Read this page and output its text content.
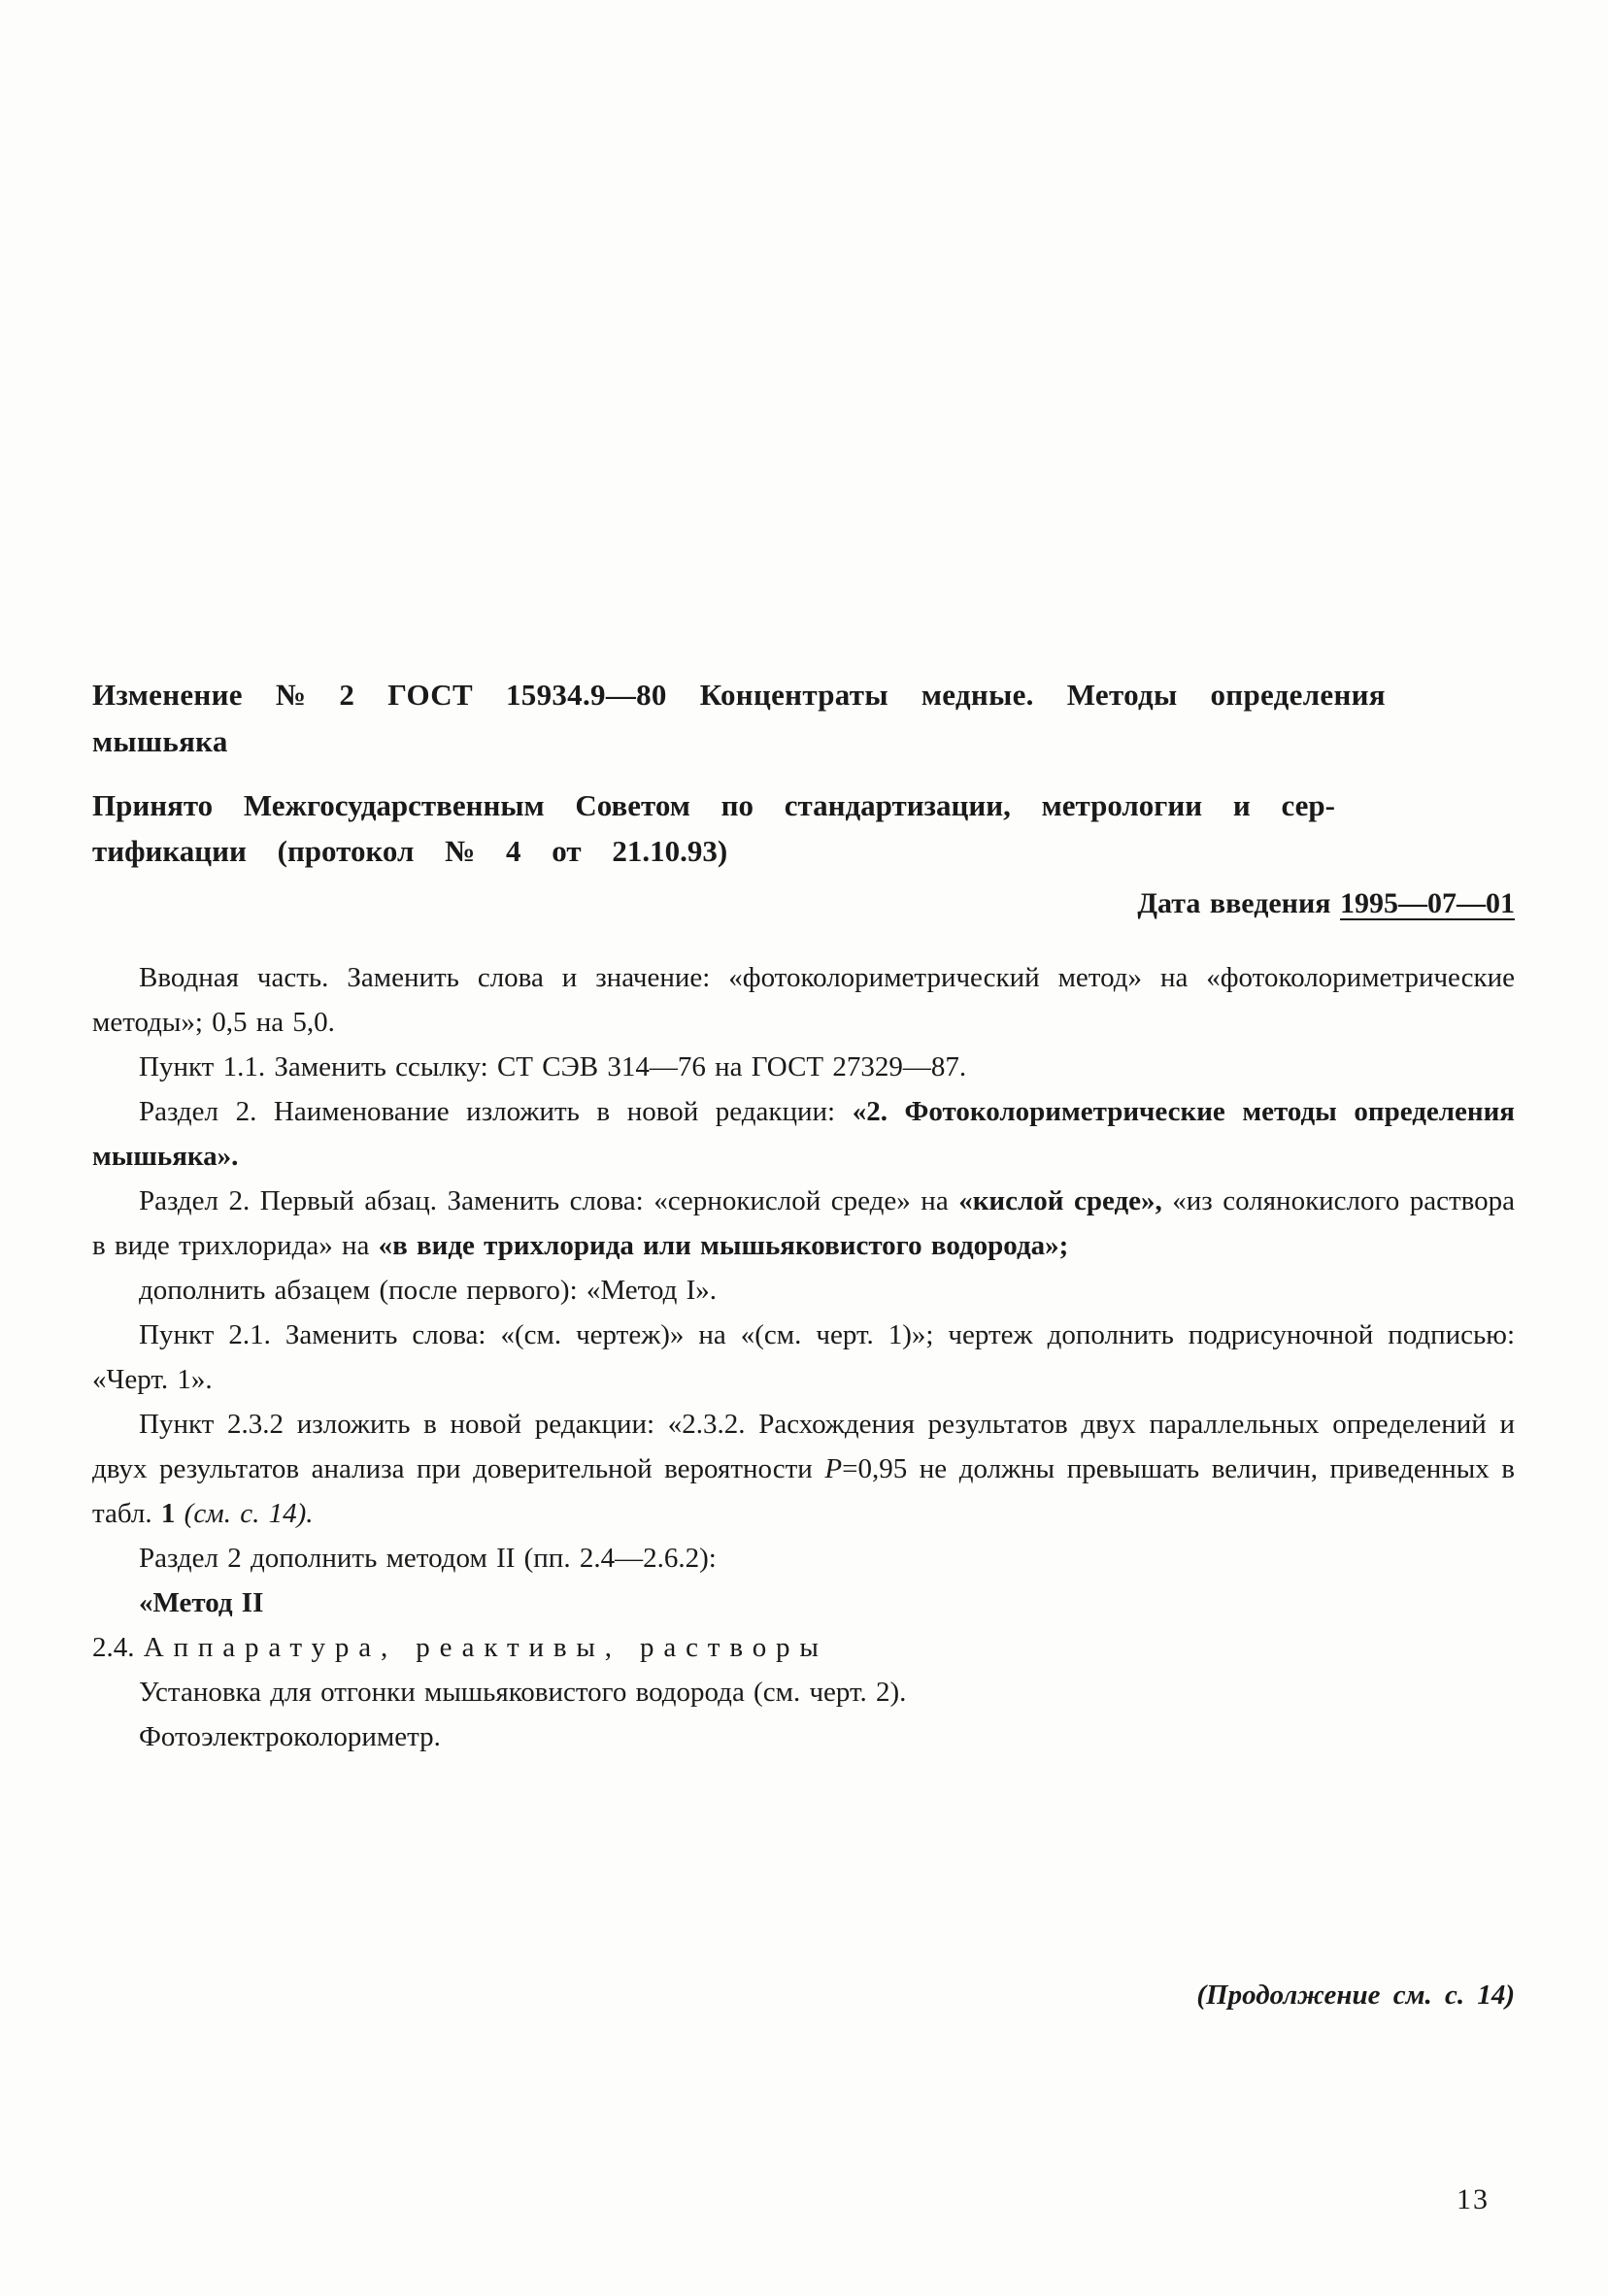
Изменение № 2 ГОСТ 15934.9—80 Концентраты медные. Методы определения
мышьяка

Принято Межгосударственным Советом по стандартизации, метрологии и сер-
тификации (протокол № 4 от 21.10.93)

Дата введения 1995—07—01

Вводная часть. Заменить слова и значение: «фотоколориметрический метод» на «фотоколориметрические методы»; 0,5 на 5,0.

Пункт 1.1. Заменить ссылку: СТ СЭВ 314—76 на ГОСТ 27329—87.

Раздел 2. Наименование изложить в новой редакции: «2. Фотоколориметрические методы определения мышьяка».

Раздел 2. Первый абзац. Заменить слова: «сернокислой среде» на «кислой среде», «из солянокислого раствора в виде трихлорида» на «в виде трихлорида или мышьяковистого водорода»;

дополнить абзацем (после первого): «Метод I».

Пункт 2.1. Заменить слова: «(см. чертеж)» на «(см. черт. 1)»; чертеж дополнить подрисуночной подписью: «Черт. 1».

Пункт 2.3.2 изложить в новой редакции: «2.3.2. Расхождения результатов двух параллельных определений и двух результатов анализа при доверительной вероятности Р=0,95 не должны превышать величин, приведенных в табл. 1 (см. с. 14).

Раздел 2 дополнить методом II (пп. 2.4—2.6.2):

«Метод II

2.4. Аппаратура, реактивы, растворы

Установка для отгонки мышьяковистого водорода (см. черт. 2).

Фотоэлектроколориметр.

(Продолжение см. с. 14)

13
